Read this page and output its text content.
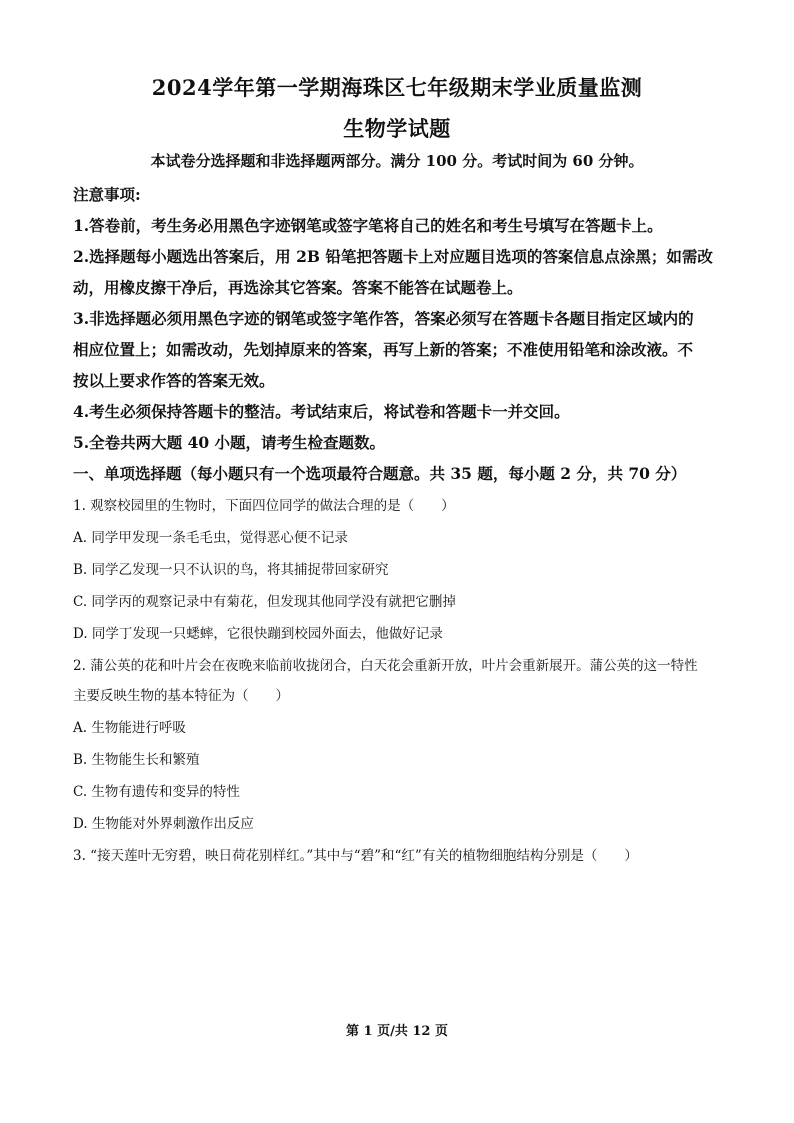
2024学年第一学期海珠区七年级期末学业质量监测
生物学试题
本试卷分选择题和非选择题两部分。满分 100 分。考试时间为 60 分钟。
注意事项:
1.答卷前，考生务必用黑色字迹钢笔或签字笔将自己的姓名和考生号填写在答题卡上。
2.选择题每小题选出答案后，用 2B 铅笔把答题卡上对应题目选项的答案信息点涂黑；如需改
动，用橡皮擦干净后，再选涂其它答案。答案不能答在试题卷上。
3.非选择题必须用黑色字迹的钢笔或签字笔作答，答案必须写在答题卡各题目指定区域内的
相应位置上；如需改动，先划掉原来的答案，再写上新的答案；不准使用铅笔和涂改液。不
按以上要求作答的答案无效。
4.考生必须保持答题卡的整洁。考试结束后，将试卷和答题卡一并交回。
5.全卷共两大题 40 小题，请考生检查题数。
一、单项选择题（每小题只有一个选项最符合题意。共 35 题，每小题 2 分，共 70 分）
1. 观察校园里的生物时，下面四位同学的做法合理的是（　　）
A. 同学甲发现一条毛毛虫，觉得恶心便不记录
B. 同学乙发现一只不认识的鸟，将其捕捉带回家研究
C. 同学丙的观察记录中有菊花，但发现其他同学没有就把它删掉
D. 同学丁发现一只蟋蟀，它很快蹦到校园外面去，他做好记录
2. 蒲公英的花和叶片会在夜晚来临前收拢闭合，白天花会重新开放，叶片会重新展开。蒲公英的这一特性
主要反映生物的基本特征为（　　）
A. 生物能进行呼吸
B. 生物能生长和繁殖
C. 生物有遗传和变异的特性
D. 生物能对外界刺激作出反应
3. “接天莲叶无穷碧，映日荷花别样红。”其中与“碧”和“红”有关的植物细胞结构分别是（　　）
第 1 页/共 12 页
